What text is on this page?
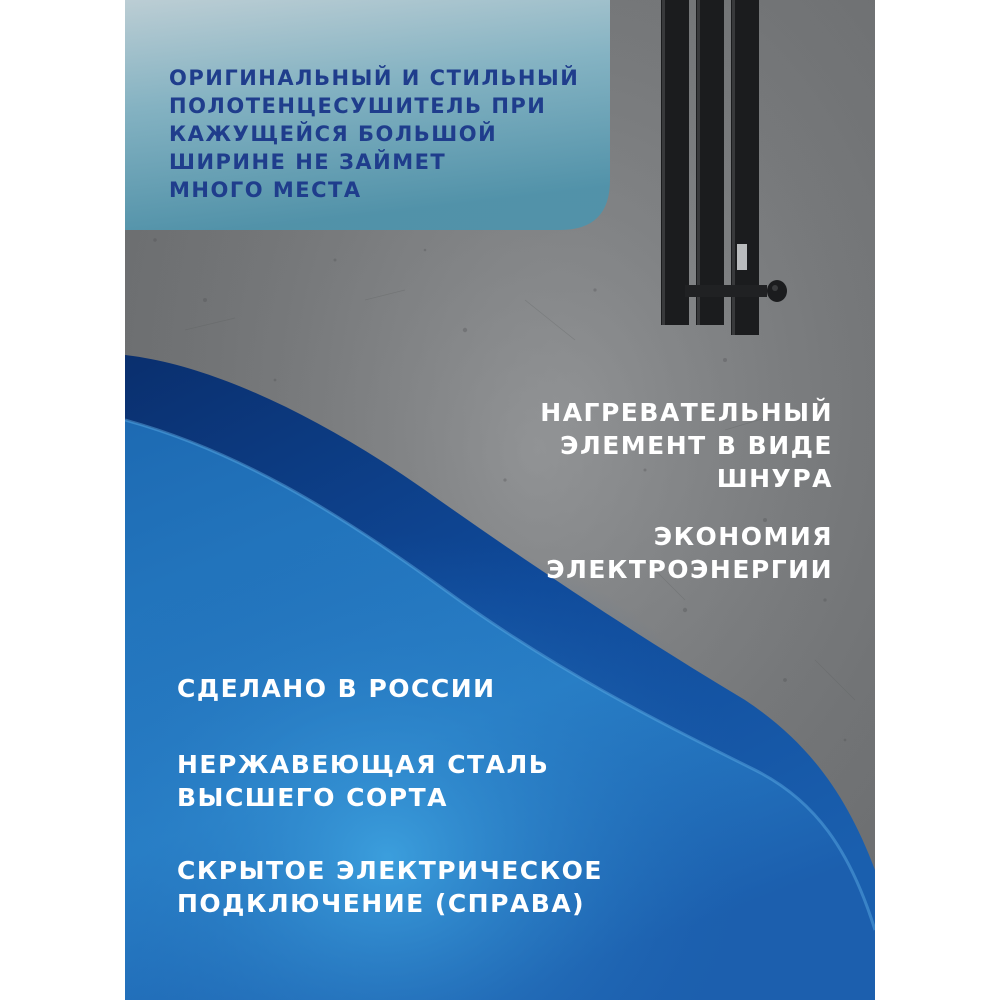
ОРИГИНАЛЬНЫЙ И СТИЛЬНЫЙ
ПОЛОТЕНЦЕСУШИТЕЛЬ ПРИ
КАЖУЩЕЙСЯ БОЛЬШОЙ
ШИРИНЕ НЕ ЗАЙМЕТ
МНОГО МЕСТА
НАГРЕВАТЕЛЬНЫЙ
ЭЛЕМЕНТ В ВИДЕ
ШНУРА
ЭКОНОМИЯ
ЭЛЕКТРОЭНЕРГИИ
СДЕЛАНО В РОССИИ
НЕРЖАВЕЮЩАЯ СТАЛЬ
ВЫСШЕГО СОРТА
СКРЫТОЕ ЭЛЕКТРИЧЕСКОЕ
ПОДКЛЮЧЕНИЕ (СПРАВА)
